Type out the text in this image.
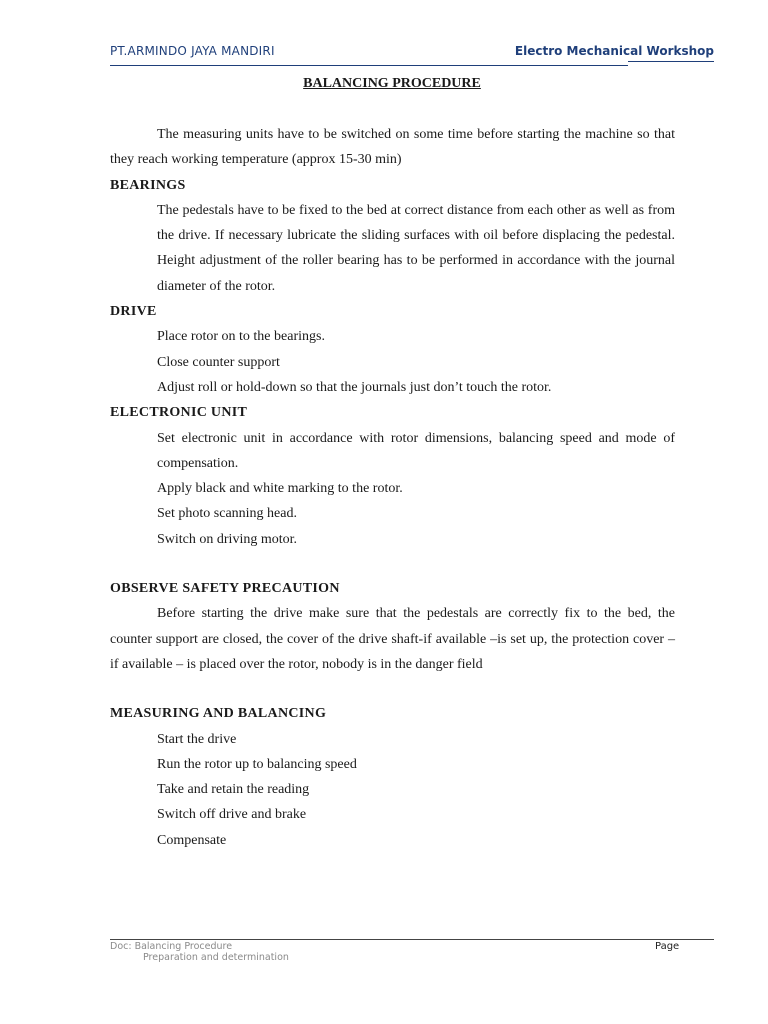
PT.ARMINDO JAYA MANDIRI	Electro Mechanical Workshop
BALANCING PROCEDURE

The measuring units have to be switched on some time before starting the machine so that they reach working temperature (approx 15-30 min)

BEARINGS

The pedestals have to be fixed to the bed at correct distance from each other as well as from the drive. If necessary lubricate the sliding surfaces with oil before displacing the pedestal. Height adjustment of the roller bearing has to be performed in accordance with the journal diameter of the rotor.

DRIVE

Place rotor on to the bearings.

Close counter support

Adjust roll or hold-down so that the journals just don’t touch the rotor.

ELECTRONIC UNIT

Set electronic unit in accordance with rotor dimensions, balancing speed and mode of compensation.

Apply black and white marking to the rotor.

Set photo scanning head.

Switch on driving motor.

OBSERVE SAFETY PRECAUTION

Before starting the drive make sure that the pedestals are correctly fix to the bed, the counter support are closed, the cover of the drive shaft-if available –is set up, the protection cover – if available – is placed over the rotor, nobody is in the danger field

MEASURING AND BALANCING

Start the drive

Run the rotor up to balancing speed

Take and retain the reading

Switch off drive and brake

Compensate

Doc: Balancing Procedure
Preparation and determination
Page
